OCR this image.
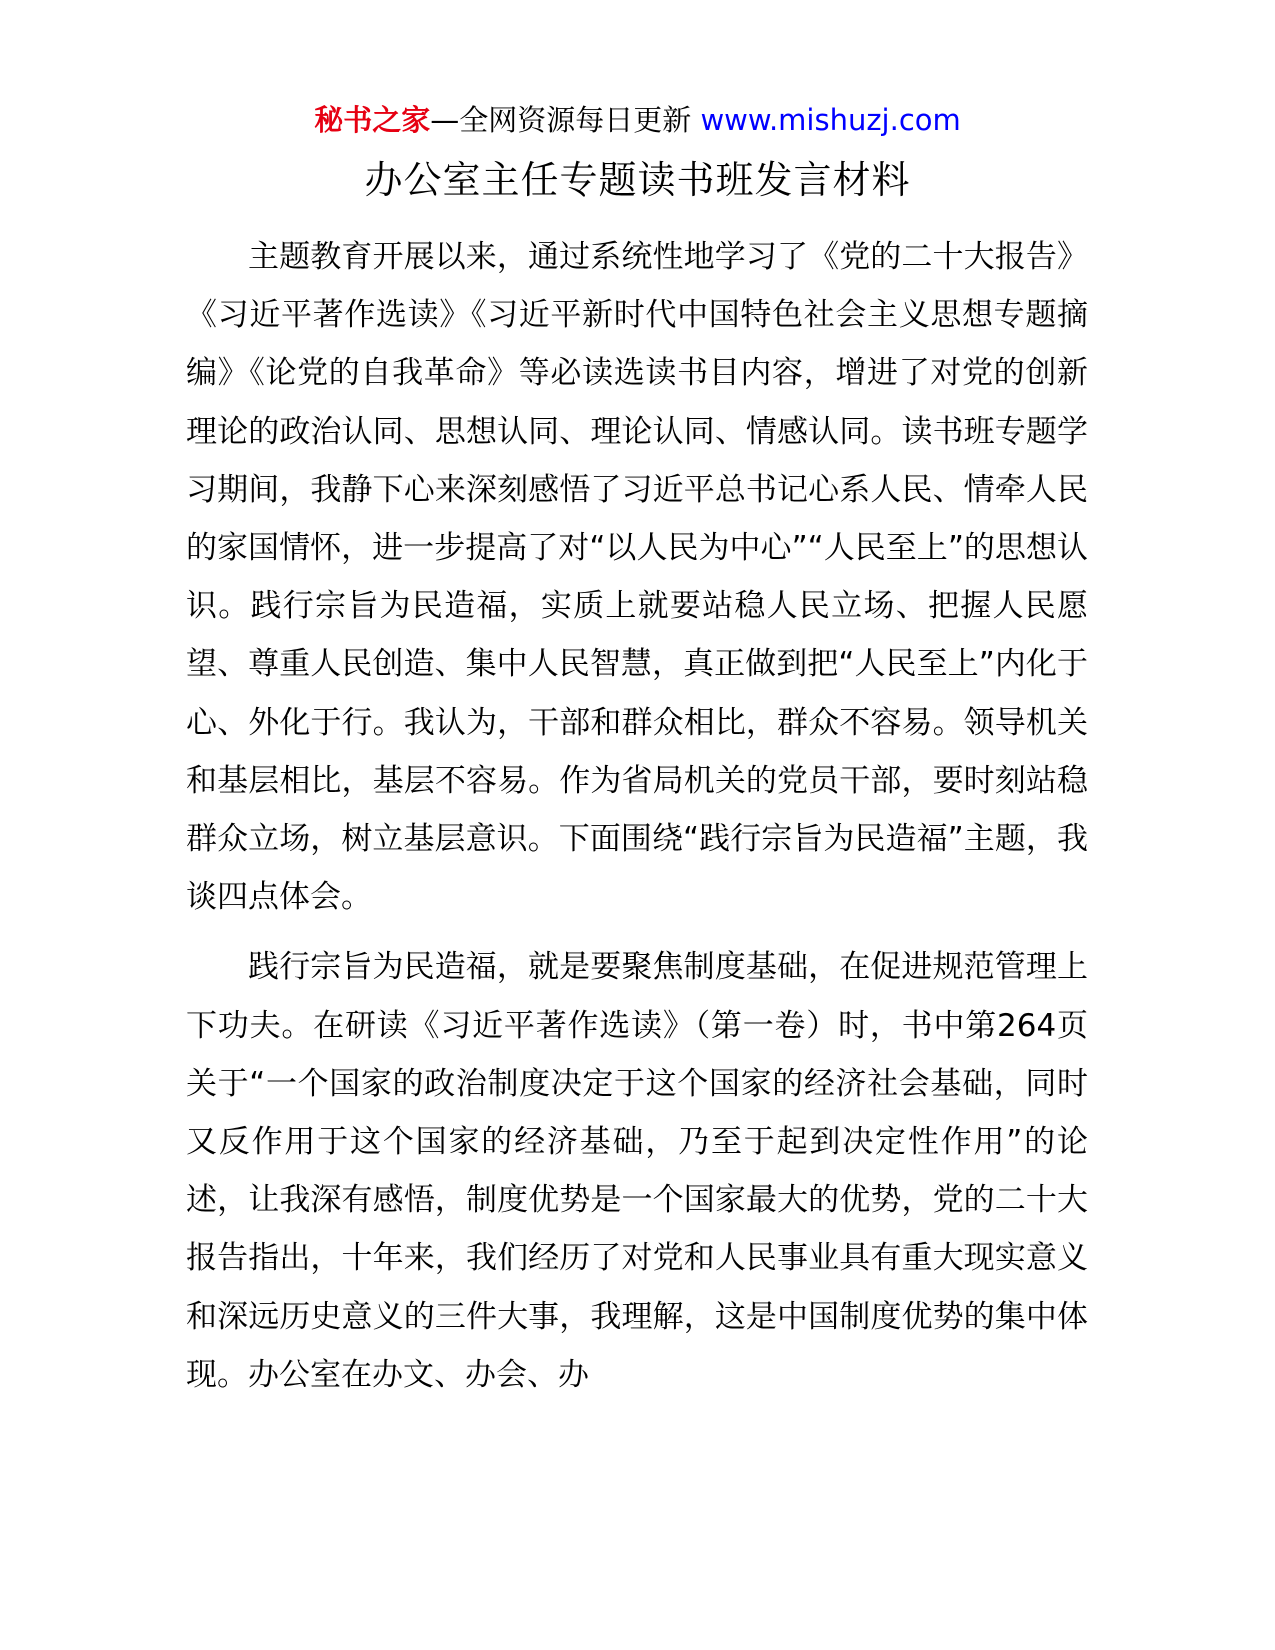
秘书之家—全网资源每日更新 www.mishuzj.com
办公室主任专题读书班发言材料

主题教育开展以来，通过系统性地学习了《党的二十大报告》《习近平著作选读》《习近平新时代中国特色社会主义思想专题摘编》《论党的自我革命》等必读选读书目内容，增进了对党的创新理论的政治认同、思想认同、理论认同、情感认同。读书班专题学习期间，我静下心来深刻感悟了习近平总书记心系人民、情牵人民的家国情怀，进一步提高了对“以人民为中心”“人民至上”的思想认识。践行宗旨为民造福，实质上就要站稳人民立场、把握人民愿望、尊重人民创造、集中人民智慧，真正做到把“人民至上”内化于心、外化于行。我认为，干部和群众相比，群众不容易。领导机关和基层相比，基层不容易。作为省局机关的党员干部，要时刻站稳群众立场，树立基层意识。下面围绕“践行宗旨为民造福”主题，我谈四点体会。

践行宗旨为民造福，就是要聚焦制度基础，在促进规范管理上下功夫。在研读《习近平著作选读》（第一卷）时，书中第264页关于“一个国家的政治制度决定于这个国家的经济社会基础，同时又反作用于这个国家的经济基础，乃至于起到决定性作用”的论述，让我深有感悟，制度优势是一个国家最大的优势，党的二十大报告指出，十年来，我们经历了对党和人民事业具有重大现实意义和深远历史意义的三件大事，我理解，这是中国制度优势的集中体现。办公室在办文、办会、办
